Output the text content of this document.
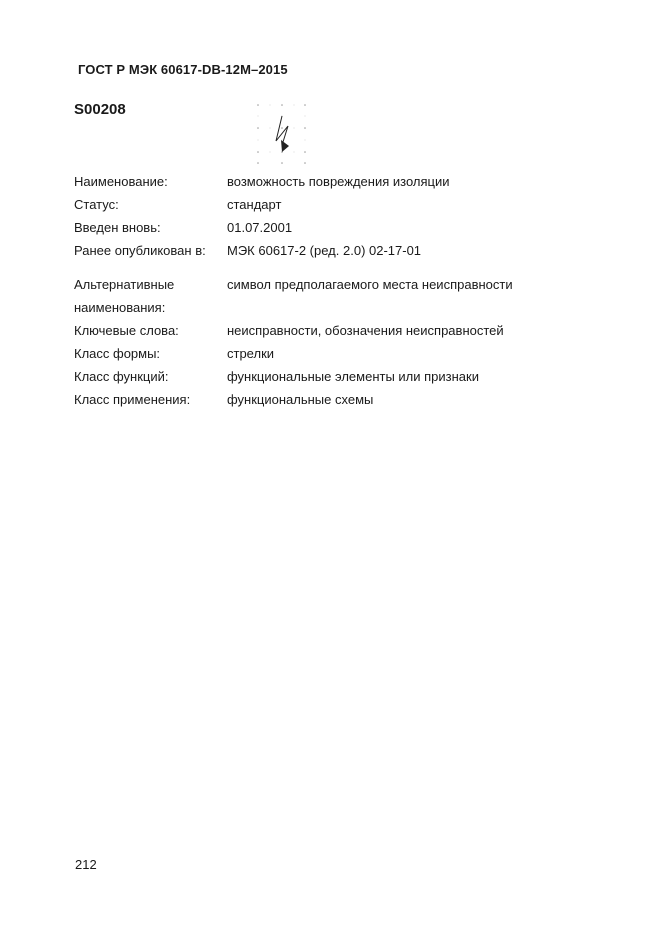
ГОСТ Р МЭК 60617-DB-12M–2015
S00208
Наименование:	возможность повреждения изоляции
Статус:	стандарт
Введен вновь:	01.07.2001
Ранее опубликован в: МЭК 60617-2 (ред. 2.0) 02-17-01
Альтернативные	символ предполагаемого места неисправности
наименования:
Ключевые слова:	неисправности, обозначения неисправностей
Класс формы:	стрелки
Класс функций:	функциональные элементы или признаки
Класс применения:	функциональные схемы
212
